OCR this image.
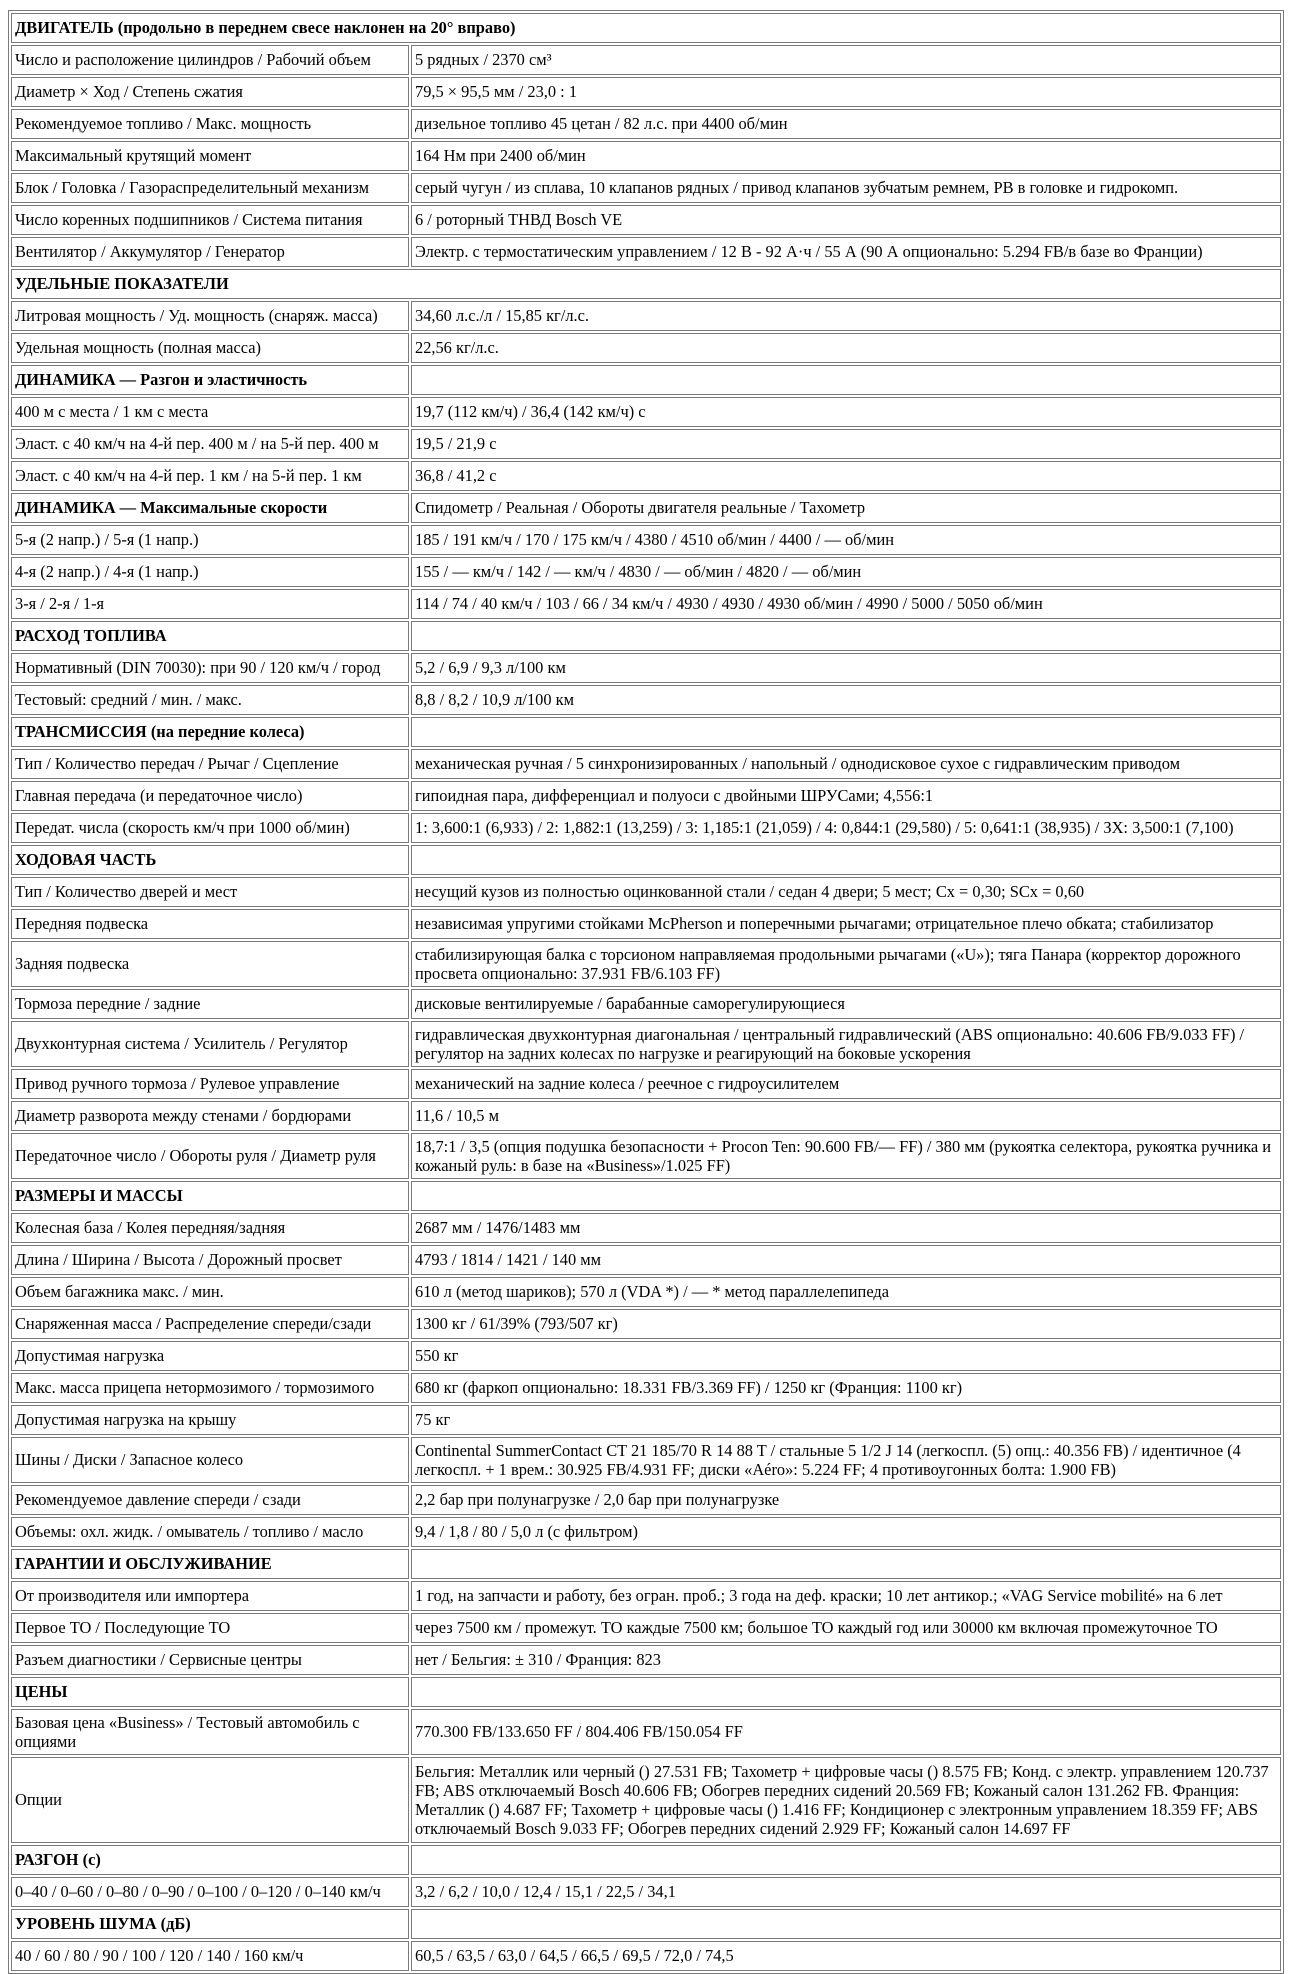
ДВИГАТЕЛЬ (продольно в переднем свесе наклонен на 20° вправо)	
Число и расположение цилиндров / Рабочий объем	5 рядных / 2370 см³
Диаметр × Ход / Степень сжатия	79,5 × 95,5 мм / 23,0 : 1
Рекомендуемое топливо / Макс. мощность	дизельное топливо 45 цетан / 82 л.с. при 4400 об/мин
Максимальный крутящий момент	164 Нм при 2400 об/мин
Блок / Головка / Газораспределительный механизм	серый чугун / из сплава, 10 клапанов рядных / привод клапанов зубчатым ремнем, РВ в головке и гидрокомп.
Число коренных подшипников / Система питания	6 / роторный ТНВД Bosch VE
Вентилятор / Аккумулятор / Генератор	Электр. с термостатическим управлением / 12 В - 92 А·ч / 55 А (90 А опционально: 5.294 FB/в базе во Франции)
УДЕЛЬНЫЕ ПОКАЗАТЕЛИ	
Литровая мощность / Уд. мощность (снаряж. масса)	34,60 л.с./л / 15,85 кг/л.с.
Удельная мощность (полная масса)	22,56 кг/л.с.
ДИНАМИКА — Разгон и эластичность	
400 м с места / 1 км с места	19,7 (112 км/ч) / 36,4 (142 км/ч) с
Эласт. с 40 км/ч на 4-й пер. 400 м / на 5-й пер. 400 м	19,5 / 21,9 с
Эласт. с 40 км/ч на 4-й пер. 1 км / на 5-й пер. 1 км	36,8 / 41,2 с
ДИНАМИКА — Максимальные скорости	Спидометр / Реальная / Обороты двигателя реальные / Тахометр
5-я (2 напр.) / 5-я (1 напр.)	185 / 191 км/ч / 170 / 175 км/ч / 4380 / 4510 об/мин / 4400 / — об/мин
4-я (2 напр.) / 4-я (1 напр.)	155 / — км/ч / 142 / — км/ч / 4830 / — об/мин / 4820 / — об/мин
3-я / 2-я / 1-я	114 / 74 / 40 км/ч / 103 / 66 / 34 км/ч / 4930 / 4930 / 4930 об/мин / 4990 / 5000 / 5050 об/мин
РАСХОД ТОПЛИВА	
Нормативный (DIN 70030): при 90 / 120 км/ч / город	5,2 / 6,9 / 9,3 л/100 км
Тестовый: средний / мин. / макс.	8,8 / 8,2 / 10,9 л/100 км
ТРАНСМИССИЯ (на передние колеса)	
Тип / Количество передач / Рычаг / Сцепление	механическая ручная / 5 синхронизированных / напольный / однодисковое сухое с гидравлическим приводом
Главная передача (и передаточное число)	гипоидная пара, дифференциал и полуоси с двойными ШРУСами; 4,556:1
Передат. числа (скорость км/ч при 1000 об/мин)	1: 3,600:1 (6,933) / 2: 1,882:1 (13,259) / 3: 1,185:1 (21,059) / 4: 0,844:1 (29,580) / 5: 0,641:1 (38,935) / ЗХ: 3,500:1 (7,100)
ХОДОВАЯ ЧАСТЬ	
Тип / Количество дверей и мест	несущий кузов из полностью оцинкованной стали / седан 4 двери; 5 мест; Cx = 0,30; SCx = 0,60
Передняя подвеска	независимая упругими стойками McPherson и поперечными рычагами; отрицательное плечо обката; стабилизатор
Задняя подвеска	стабилизирующая балка с торсионом направляемая продольными рычагами («U»); тяга Панара (корректор дорожного просвета опционально: 37.931 FB/6.103 FF)
Тормоза передние / задние	дисковые вентилируемые / барабанные саморегулирующиеся
Двухконтурная система / Усилитель / Регулятор	гидравлическая двухконтурная диагональная / центральный гидравлический (ABS опционально: 40.606 FB/9.033 FF) / регулятор на задних колесах по нагрузке и реагирующий на боковые ускорения
Привод ручного тормоза / Рулевое управление	механический на задние колеса / реечное с гидроусилителем
Диаметр разворота между стенами / бордюрами	11,6 / 10,5 м
Передаточное число / Обороты руля / Диаметр руля	18,7:1 / 3,5 (опция подушка безопасности + Procon Ten: 90.600 FB/— FF) / 380 мм (рукоятка селектора, рукоятка ручника и кожаный руль: в базе на «Business»/1.025 FF)
РАЗМЕРЫ И МАССЫ	
Колесная база / Колея передняя/задняя	2687 мм / 1476/1483 мм
Длина / Ширина / Высота / Дорожный просвет	4793 / 1814 / 1421 / 140 мм
Объем багажника макс. / мин.	610 л (метод шариков); 570 л (VDA *) / — * метод параллелепипеда
Снаряженная масса / Распределение спереди/сзади	1300 кг / 61/39% (793/507 кг)
Допустимая нагрузка	550 кг
Макс. масса прицепа нетормозимого / тормозимого	680 кг (фаркоп опционально: 18.331 FB/3.369 FF) / 1250 кг (Франция: 1100 кг)
Допустимая нагрузка на крышу	75 кг
Шины / Диски / Запасное колесо	Continental SummerContact CT 21 185/70 R 14 88 T / стальные 5 1/2 J 14 (легкоспл. (5) опц.: 40.356 FB) / идентичное (4 легкоспл. + 1 врем.: 30.925 FB/4.931 FF; диски «Aéro»: 5.224 FF; 4 противоугонных болта: 1.900 FB)
Рекомендуемое давление спереди / сзади	2,2 бар при полунагрузке / 2,0 бар при полунагрузке
Объемы: охл. жидк. / омыватель / топливо / масло	9,4 / 1,8 / 80 / 5,0 л (с фильтром)
ГАРАНТИИ И ОБСЛУЖИВАНИЕ	
От производителя или импортера	1 год, на запчасти и работу, без огран. проб.; 3 года на деф. краски; 10 лет антикор.; «VAG Service mobilité» на 6 лет
Первое ТО / Последующие ТО	через 7500 км / промежут. ТО каждые 7500 км; большое ТО каждый год или 30000 км включая промежуточное ТО
Разъем диагностики / Сервисные центры	нет / Бельгия: ± 310 / Франция: 823
ЦЕНЫ	
Базовая цена «Business» / Тестовый автомобиль с опциями	770.300 FB/133.650 FF / 804.406 FB/150.054 FF
Опции	Бельгия: Металлик или черный () 27.531 FB; Тахометр + цифровые часы () 8.575 FB; Конд. с электр. управлением 120.737 FB; ABS отключаемый Bosch 40.606 FB; Обогрев передних сидений 20.569 FB; Кожаный салон 131.262 FB. Франция: Металлик () 4.687 FF; Тахометр + цифровые часы () 1.416 FF; Кондиционер с электронным управлением 18.359 FF; ABS отключаемый Bosch 9.033 FF; Обогрев передних сидений 2.929 FF; Кожаный салон 14.697 FF
РАЗГОН (с)	
0–40 / 0–60 / 0–80 / 0–90 / 0–100 / 0–120 / 0–140 км/ч	3,2 / 6,2 / 10,0 / 12,4 / 15,1 / 22,5 / 34,1
УРОВЕНЬ ШУМА (дБ)	
40 / 60 / 80 / 90 / 100 / 120 / 140 / 160 км/ч	60,5 / 63,5 / 63,0 / 64,5 / 66,5 / 69,5 / 72,0 / 74,5
